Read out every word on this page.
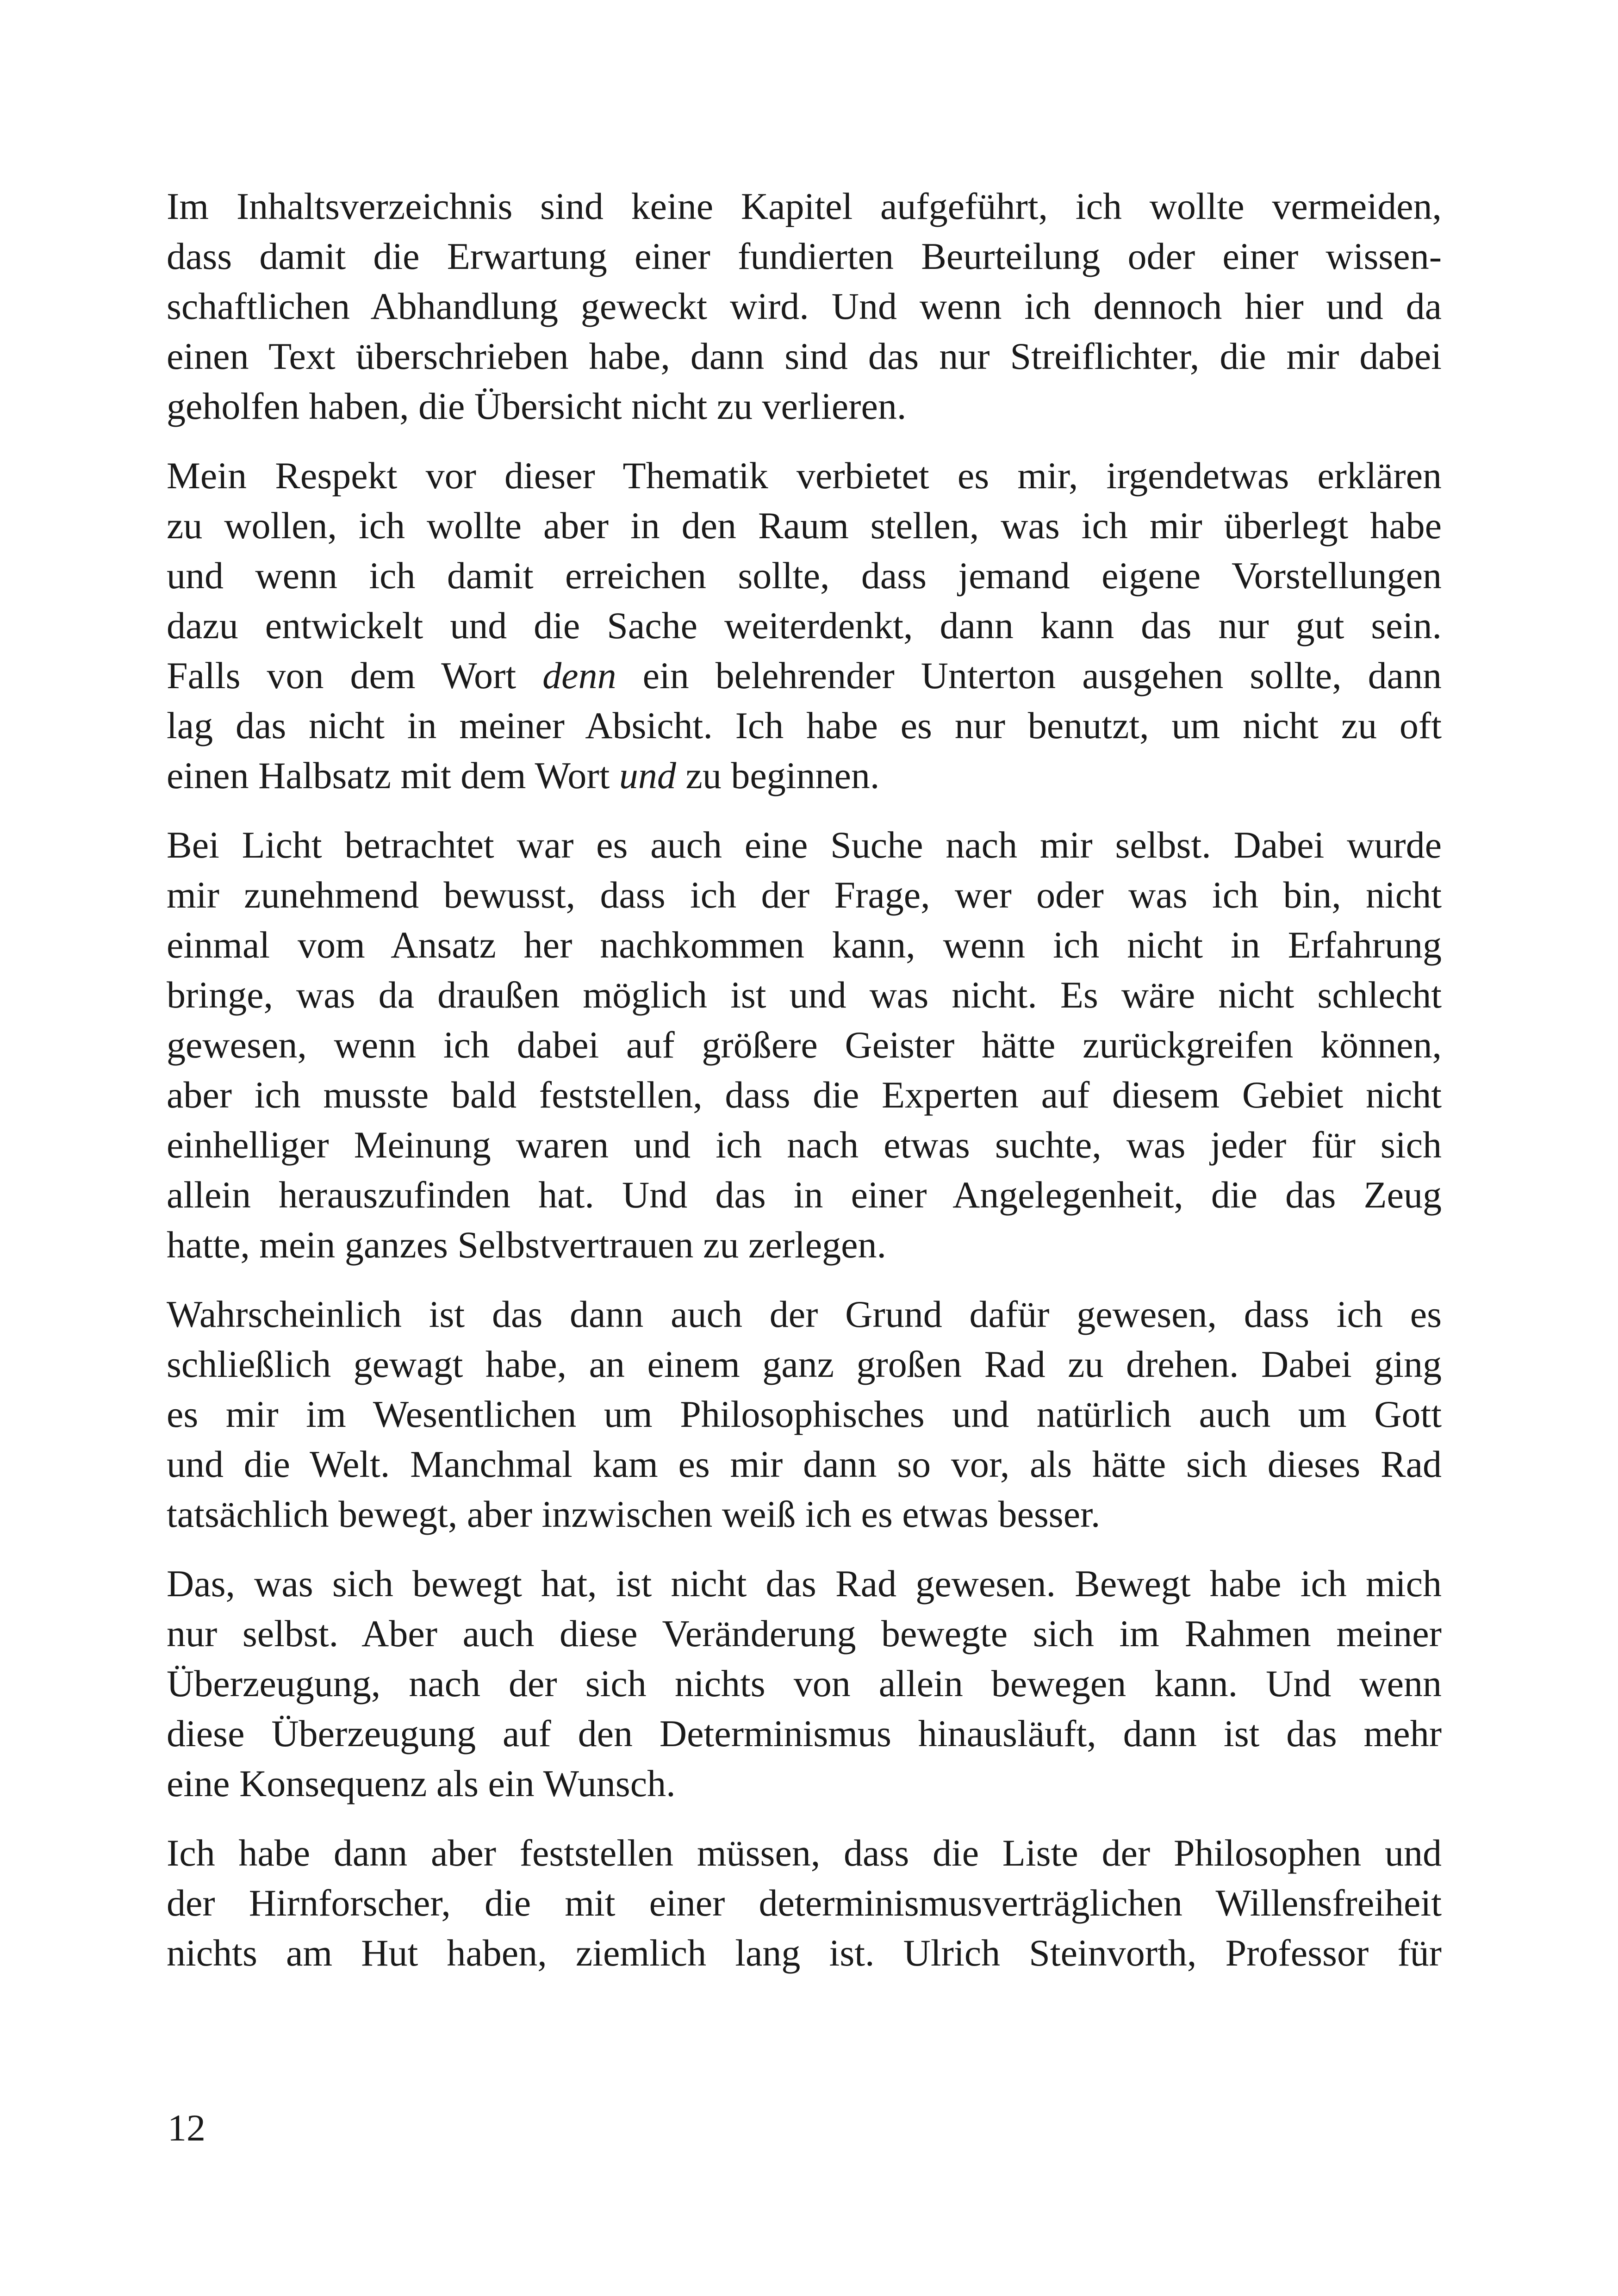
Im Inhaltsverzeichnis sind keine Kapitel aufgeführt, ich wollte vermeiden,
dass damit die Erwartung einer fundierten Beurteilung oder einer wissen-
schaftlichen Abhandlung geweckt wird. Und wenn ich dennoch hier und da
einen Text überschrieben habe, dann sind das nur Streiflichter, die mir dabei
geholfen haben, die Übersicht nicht zu verlieren.

Mein Respekt vor dieser Thematik verbietet es mir, irgendetwas erklären
zu wollen, ich wollte aber in den Raum stellen, was ich mir überlegt habe
und wenn ich damit erreichen sollte, dass jemand eigene Vorstellungen
dazu entwickelt und die Sache weiterdenkt, dann kann das nur gut sein.
Falls von dem Wort denn ein belehrender Unterton ausgehen sollte, dann
lag das nicht in meiner Absicht. Ich habe es nur benutzt, um nicht zu oft
einen Halbsatz mit dem Wort und zu beginnen.

Bei Licht betrachtet war es auch eine Suche nach mir selbst. Dabei wurde
mir zunehmend bewusst, dass ich der Frage, wer oder was ich bin, nicht
einmal vom Ansatz her nachkommen kann, wenn ich nicht in Erfahrung
bringe, was da draußen möglich ist und was nicht. Es wäre nicht schlecht
gewesen, wenn ich dabei auf größere Geister hätte zurückgreifen können,
aber ich musste bald feststellen, dass die Experten auf diesem Gebiet nicht
einhelliger Meinung waren und ich nach etwas suchte, was jeder für sich
allein herauszufinden hat. Und das in einer Angelegenheit, die das Zeug
hatte, mein ganzes Selbstvertrauen zu zerlegen.

Wahrscheinlich ist das dann auch der Grund dafür gewesen, dass ich es
schließlich gewagt habe, an einem ganz großen Rad zu drehen. Dabei ging
es mir im Wesentlichen um Philosophisches und natürlich auch um Gott
und die Welt. Manchmal kam es mir dann so vor, als hätte sich dieses Rad
tatsächlich bewegt, aber inzwischen weiß ich es etwas besser.

Das, was sich bewegt hat, ist nicht das Rad gewesen. Bewegt habe ich mich
nur selbst. Aber auch diese Veränderung bewegte sich im Rahmen meiner
Überzeugung, nach der sich nichts von allein bewegen kann. Und wenn
diese Überzeugung auf den Determinismus hinausläuft, dann ist das mehr
eine Konsequenz als ein Wunsch.

Ich habe dann aber feststellen müssen, dass die Liste der Philosophen und
der Hirnforscher, die mit einer determinismusverträglichen Willensfreiheit
nichts am Hut haben, ziemlich lang ist. Ulrich Steinvorth, Professor für

12
